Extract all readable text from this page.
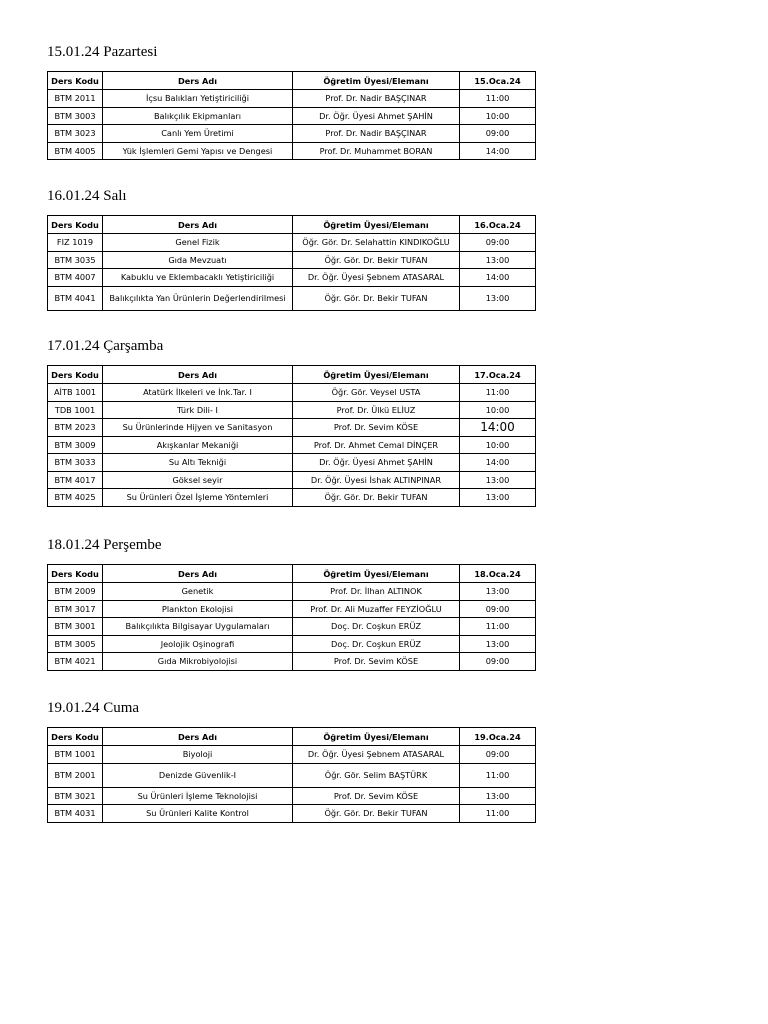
15.01.24 Pazartesi
Ders Kodu	Ders Adı	Öğretim Üyesi/Elemanı	15.Oca.24
BTM 2011	İçsu Balıkları Yetiştiriciliği	Prof. Dr. Nadir BAŞÇINAR	11:00
BTM 3003	Balıkçılık Ekipmanları	Dr. Öğr. Üyesi Ahmet ŞAHİN	10:00
BTM 3023	Canlı Yem Üretimi	Prof. Dr. Nadir BAŞÇINAR	09:00
BTM 4005	Yük İşlemleri Gemi Yapısı ve Dengesi	Prof. Dr. Muhammet BORAN	14:00
16.01.24 Salı
Ders Kodu	Ders Adı	Öğretim Üyesi/Elemanı	16.Oca.24
FIZ 1019	Genel Fizik	Öğr. Gör. Dr. Selahattin KINDIKOĞLU	09:00
BTM 3035	Gıda Mevzuatı	Öğr. Gör. Dr. Bekir TUFAN	13:00
BTM 4007	Kabuklu ve Eklembacaklı Yetiştiriciliği	Dr. Öğr. Üyesi Şebnem ATASARAL	14:00
BTM 4041	Balıkçılıkta Yan Ürünlerin Değerlendirilmesi	Öğr. Gör. Dr. Bekir TUFAN	13:00
17.01.24 Çarşamba
Ders Kodu	Ders Adı	Öğretim Üyesi/Elemanı	17.Oca.24
AİTB 1001	Atatürk İlkeleri ve İnk.Tar. I	Öğr. Gör. Veysel USTA	11:00
TDB 1001	Türk Dili- I	Prof. Dr. Ülkü ELİUZ	10:00
BTM 2023	Su Ürünlerinde Hijyen ve Sanitasyon	Prof. Dr. Sevim KÖSE	14:00
BTM 3009	Akışkanlar Mekaniği	Prof. Dr. Ahmet Cemal DİNÇER	10:00
BTM 3033	Su Altı Tekniği	Dr. Öğr. Üyesi Ahmet ŞAHİN	14:00
BTM 4017	Göksel seyir	Dr. Öğr. Üyesi İshak ALTINPINAR	13:00
BTM 4025	Su Ürünleri Özel İşleme Yöntemleri	Öğr. Gör. Dr. Bekir TUFAN	13:00
18.01.24 Perşembe
Ders Kodu	Ders Adı	Öğretim Üyesi/Elemanı	18.Oca.24
BTM 2009	Genetik	Prof. Dr. İlhan ALTINOK	13:00
BTM 3017	Plankton Ekolojisi	Prof. Dr. Ali Muzaffer FEYZİOĞLU	09:00
BTM 3001	Balıkçılıkta Bilgisayar Uygulamaları	Doç. Dr. Coşkun ERÜZ	11:00
BTM 3005	Jeolojik Oşinografi	Doç. Dr. Coşkun ERÜZ	13:00
BTM 4021	Gıda Mikrobiyolojisi	Prof. Dr. Sevim KÖSE	09:00
19.01.24 Cuma
Ders Kodu	Ders Adı	Öğretim Üyesi/Elemanı	19.Oca.24
BTM 1001	Biyoloji	Dr. Öğr. Üyesi Şebnem ATASARAL	09:00
BTM 2001	Denizde Güvenlik-I	Öğr. Gör. Selim BAŞTÜRK	11:00
BTM 3021	Su Ürünleri İşleme Teknolojisi	Prof. Dr. Sevim KÖSE	13:00
BTM 4031	Su Ürünleri Kalite Kontrol	Öğr. Gör. Dr. Bekir TUFAN	11:00
